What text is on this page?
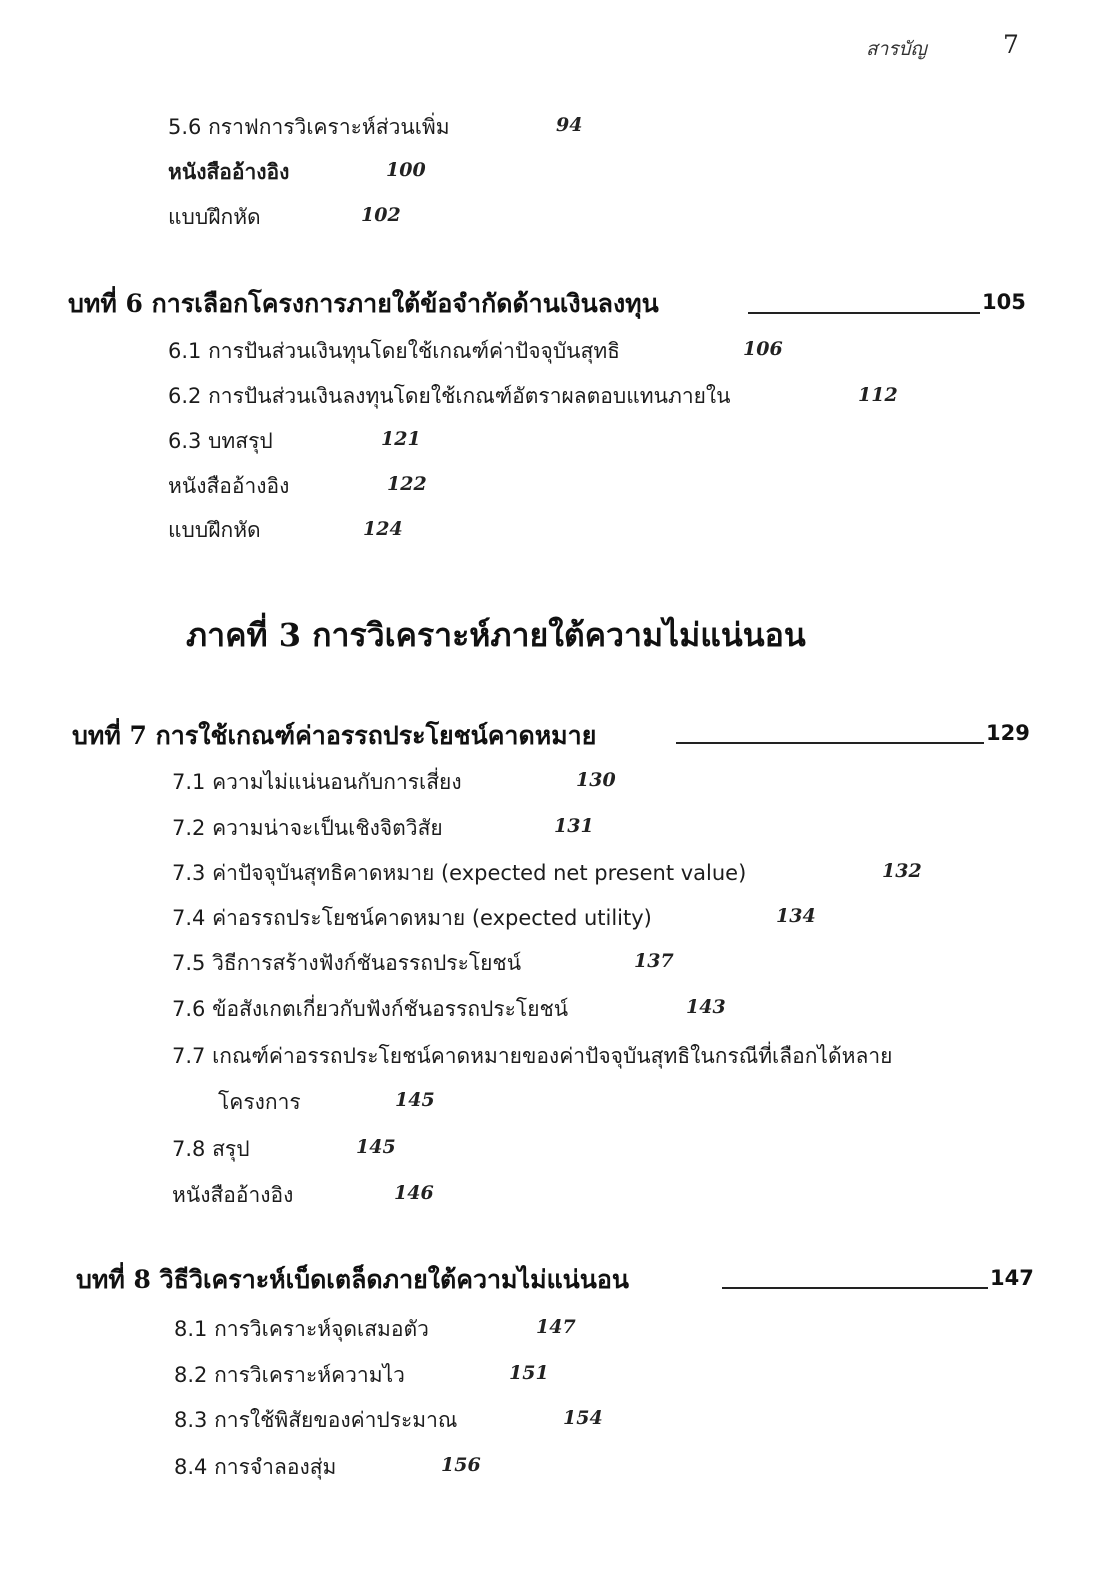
สารบัญ	7
5.6 กราฟการวิเคราะห์ส่วนเพิ่ม	94
หนังสืออ้างอิง	100
แบบฝึกหัด	102
บทที่ 6 การเลือกโครงการภายใต้ข้อจำกัดด้านเงินลงทุน	105
6.1 การปันส่วนเงินทุนโดยใช้เกณฑ์ค่าปัจจุบันสุทธิ	106
6.2 การปันส่วนเงินลงทุนโดยใช้เกณฑ์อัตราผลตอบแทนภายใน	112
6.3 บทสรุป	121
หนังสืออ้างอิง	122
แบบฝึกหัด	124
ภาคที่ 3 การวิเคราะห์ภายใต้ความไม่แน่นอน
บทที่ 7 การใช้เกณฑ์ค่าอรรถประโยชน์คาดหมาย	129
7.1 ความไม่แน่นอนกับการเสี่ยง	130
7.2 ความน่าจะเป็นเชิงจิตวิสัย	131
7.3 ค่าปัจจุบันสุทธิคาดหมาย (expected net present value)	132
7.4 ค่าอรรถประโยชน์คาดหมาย (expected utility)	134
7.5 วิธีการสร้างฟังก์ชันอรรถประโยชน์	137
7.6 ข้อสังเกตเกี่ยวกับฟังก์ชันอรรถประโยชน์	143
7.7 เกณฑ์ค่าอรรถประโยชน์คาดหมายของค่าปัจจุบันสุทธิในกรณีที่เลือกได้หลาย
โครงการ	145
7.8 สรุป	145
หนังสืออ้างอิง	146
บทที่ 8 วิธีวิเคราะห์เบ็ดเตล็ดภายใต้ความไม่แน่นอน	147
8.1 การวิเคราะห์จุดเสมอตัว	147
8.2 การวิเคราะห์ความไว	151
8.3 การใช้พิสัยของค่าประมาณ	154
8.4 การจำลองสุ่ม	156
